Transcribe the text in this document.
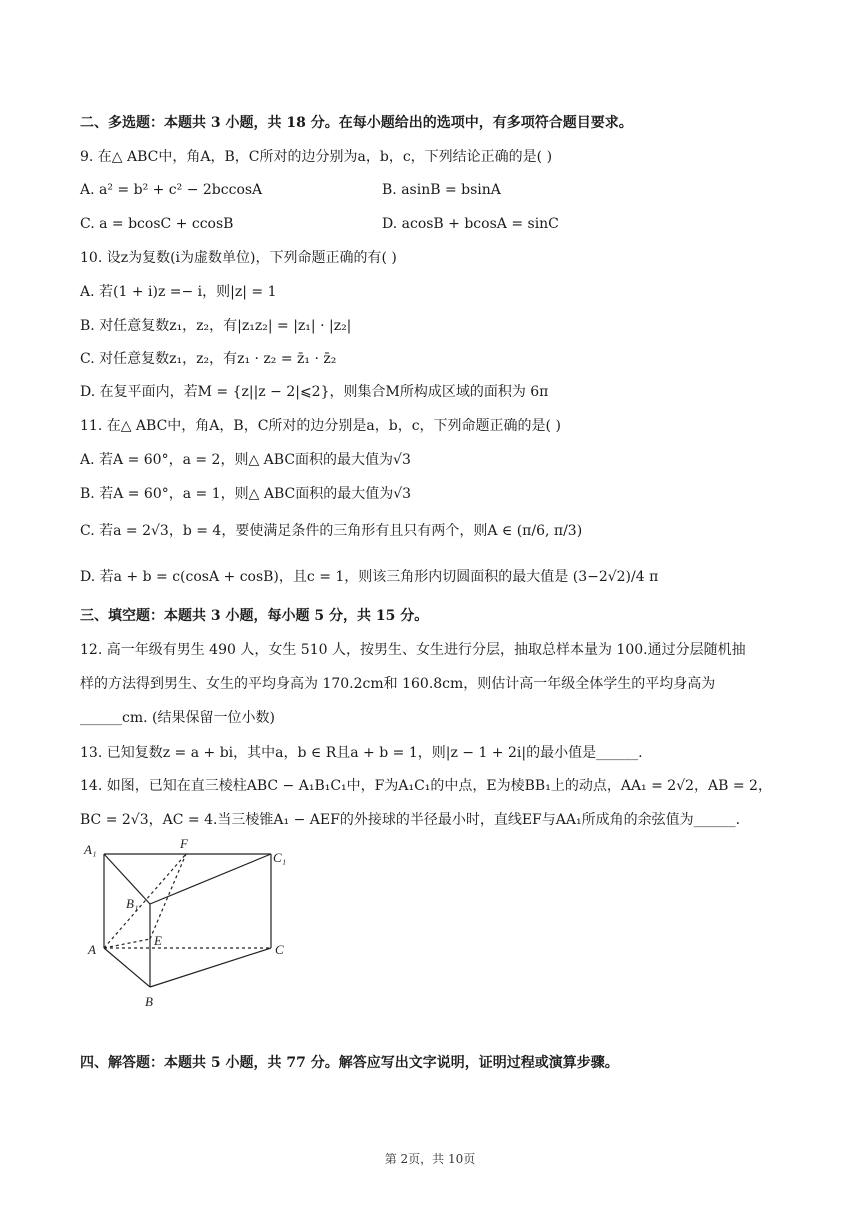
二、多选题：本题共 3 小题，共 18 分。在每小题给出的选项中，有多项符合题目要求。
9. 在△ ABC中，角A，B，C所对的边分别为a，b，c，下列结论正确的是( )
A. a² = b² + c² − 2bccosA	B. asinB = bsinA
C. a = bcosC + ccosB	D. acosB + bcosA = sinC
10. 设z为复数(i为虚数单位)，下列命题正确的有( )
A. 若(1 + i)z =− i，则|z| = 1
B. 对任意复数z₁，z₂，有|z₁z₂| = |z₁| · |z₂|
C. 对任意复数z₁，z₂，有z₁ · z₂ = z̄₁ · z̄₂
D. 在复平面内，若M = {z||z − 2|⩽2}，则集合M所构成区域的面积为 6π
11. 在△ ABC中，角A，B，C所对的边分别是a，b，c，下列命题正确的是( )
A. 若A = 60°，a = 2，则△ ABC面积的最大值为√3
B. 若A = 60°，a = 1，则△ ABC面积的最大值为√3
C. 若a = 2√3，b = 4，要使满足条件的三角形有且只有两个，则A ∈ (π/6, π/3)
D. 若a + b = c(cosA + cosB)，且c = 1，则该三角形内切圆面积的最大值是 (3−2√2)/4 π
三、填空题：本题共 3 小题，每小题 5 分，共 15 分。
12. 高一年级有男生 490 人，女生 510 人，按男生、女生进行分层，抽取总样本量为 100.通过分层随机抽
样的方法得到男生、女生的平均身高为 170.2cm和 160.8cm，则估计高一年级全体学生的平均身高为
______cm. (结果保留一位小数)
13. 已知复数z = a + bi，其中a，b ∈ R且a + b = 1，则|z − 1 + 2i|的最小值是______.
14. 如图，已知在直三棱柱ABC − A₁B₁C₁中，F为A₁C₁的中点，E为棱BB₁上的动点，AA₁ = 2√2，AB = 2，
BC = 2√3，AC = 4.当三棱锥A₁ − AEF的外接球的半径最小时，直线EF与AA₁所成角的余弦值为______.
A₁	F
C₁
B₁
A
E
C
B
四、解答题：本题共 5 小题，共 77 分。解答应写出文字说明，证明过程或演算步骤。
第 2页，共 10页
